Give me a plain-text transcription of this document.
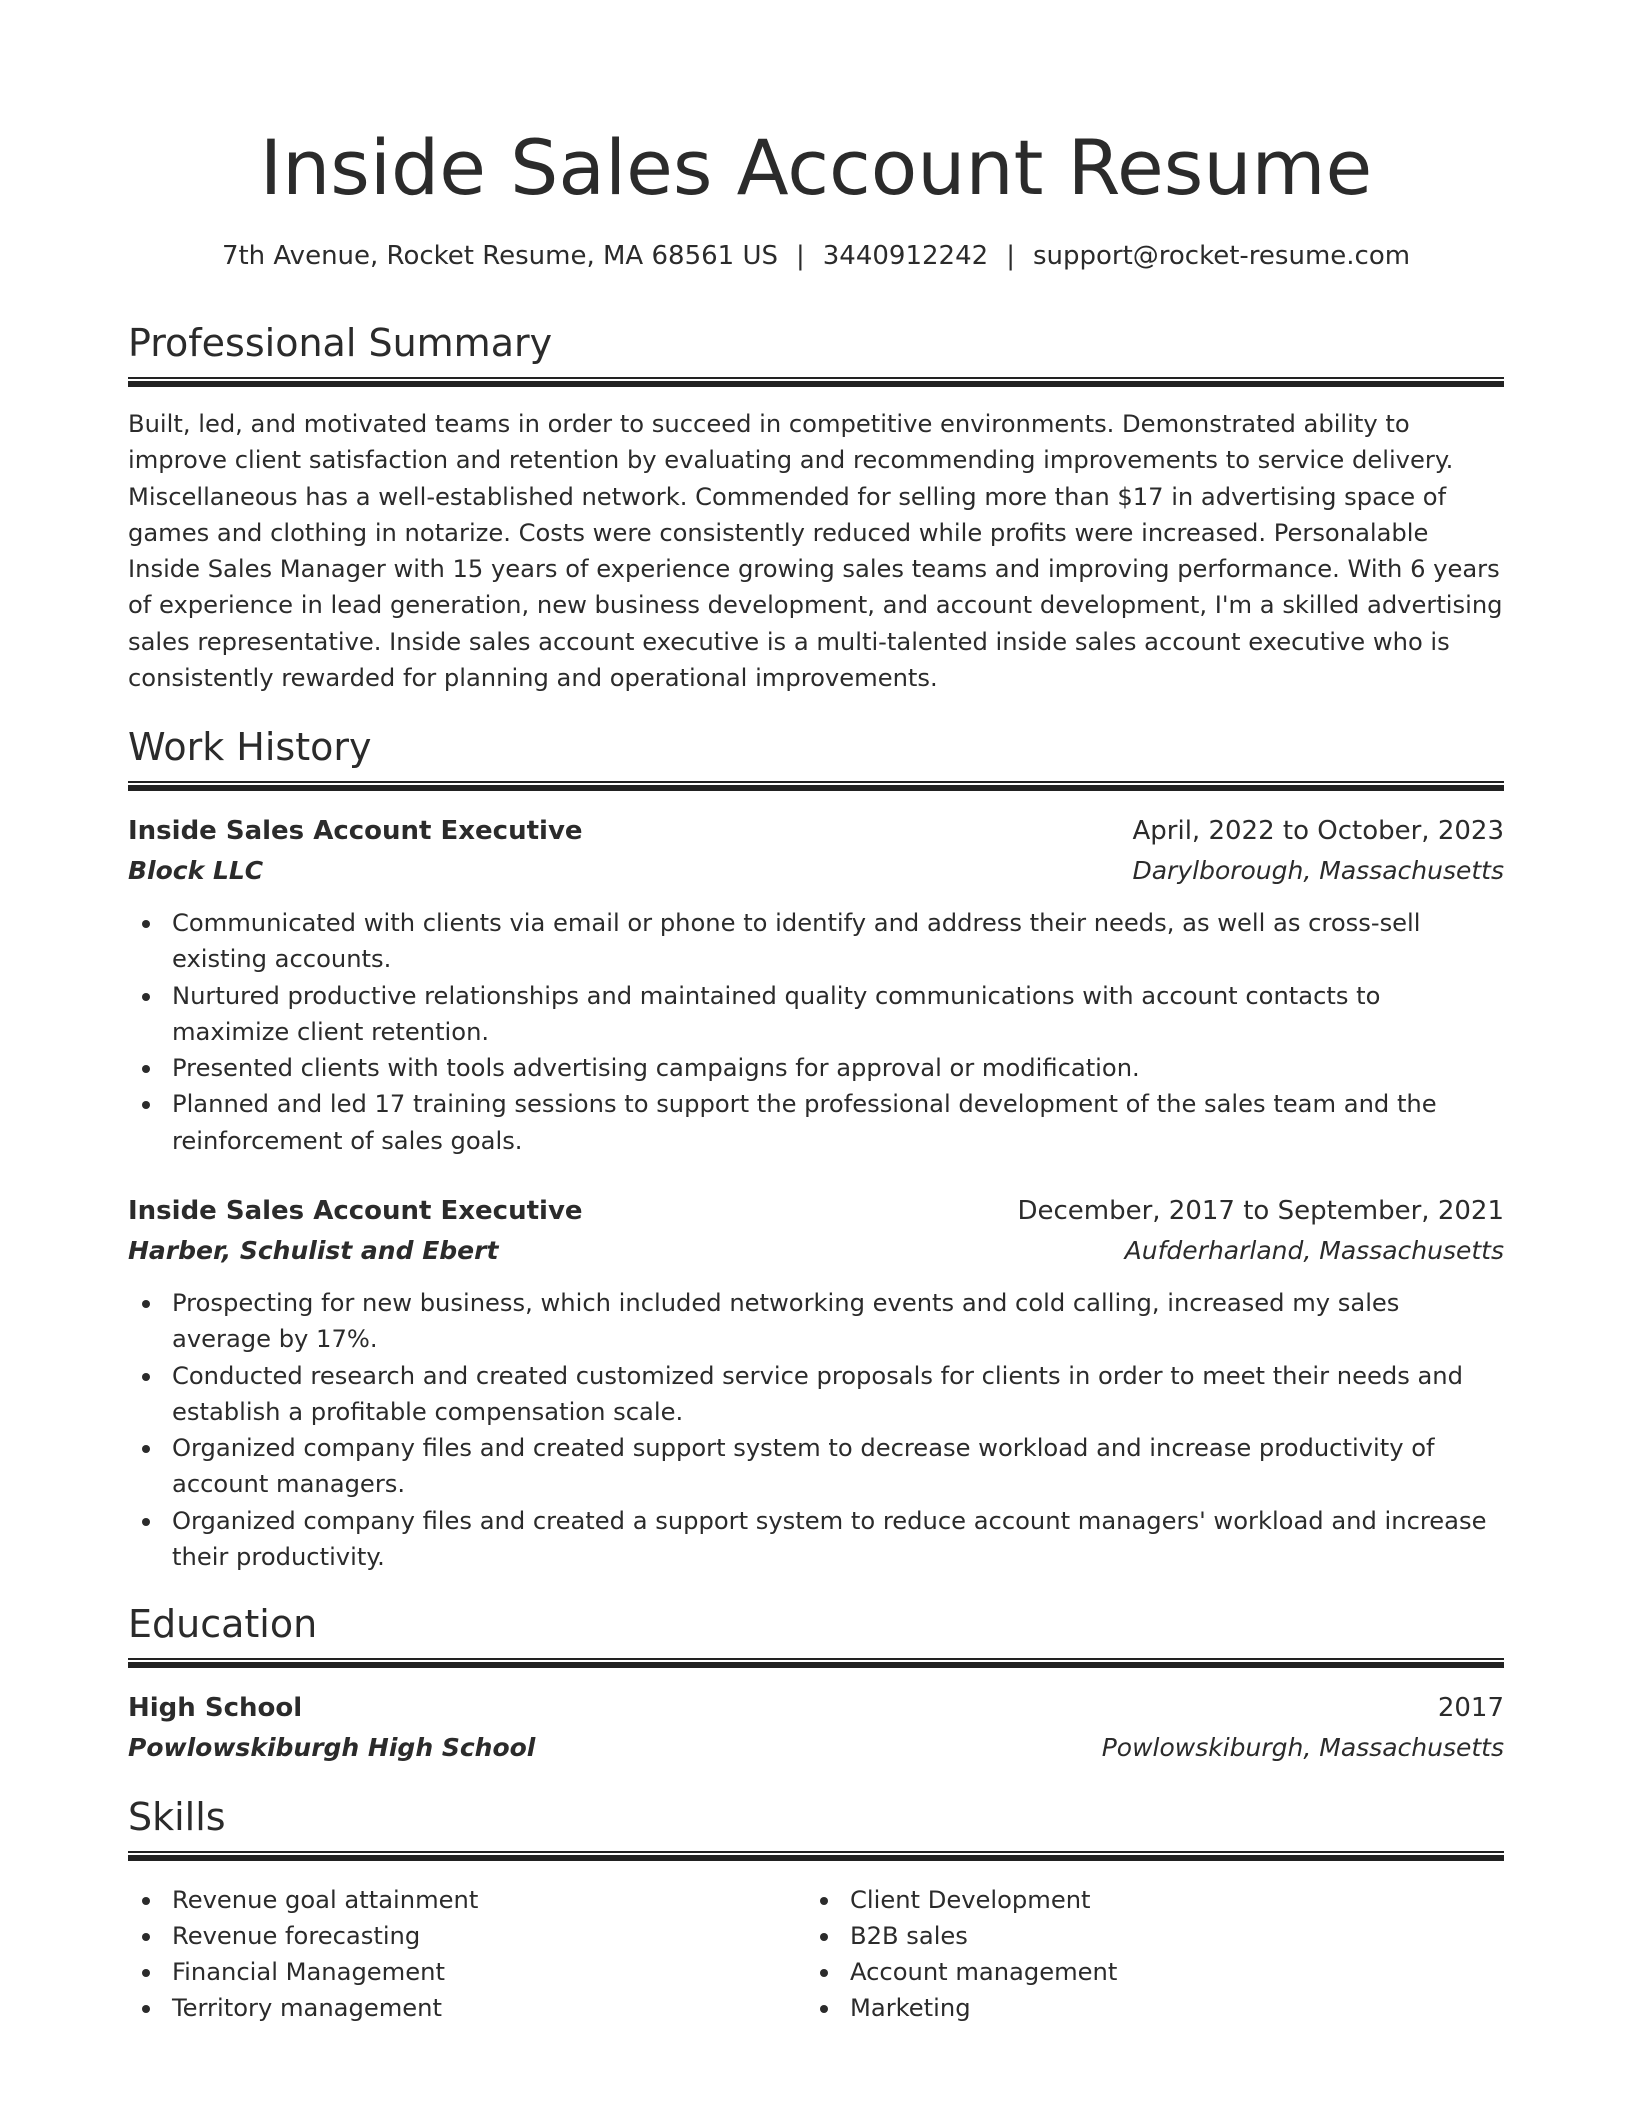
Inside Sales Account Resume
7th Avenue, Rocket Resume, MA 68561 US | 3440912242 | support@rocket-resume.com
Professional Summary

Built, led, and motivated teams in order to succeed in competitive environments. Demonstrated ability to improve client satisfaction and retention by evaluating and recommending improvements to service delivery. Miscellaneous has a well-established network. Commended for selling more than $17 in advertising space of games and clothing in notarize. Costs were consistently reduced while profits were increased. Personalable Inside Sales Manager with 15 years of experience growing sales teams and improving performance. With 6 years of experience in lead generation, new business development, and account development, I'm a skilled advertising sales representative. Inside sales account executive is a multi-talented inside sales account executive who is consistently rewarded for planning and operational improvements.

Work History
Inside Sales Account Executive	April, 2022 to October, 2023
Block LLC	Darylborough, Massachusetts
Communicated with clients via email or phone to identify and address their needs, as well as cross-sell existing accounts.
Nurtured productive relationships and maintained quality communications with account contacts to maximize client retention.
Presented clients with tools advertising campaigns for approval or modification.
Planned and led 17 training sessions to support the professional development of the sales team and the reinforcement of sales goals.
Inside Sales Account Executive	December, 2017 to September, 2021
Harber, Schulist and Ebert	Aufderharland, Massachusetts
Prospecting for new business, which included networking events and cold calling, increased my sales average by 17%.
Conducted research and created customized service proposals for clients in order to meet their needs and establish a profitable compensation scale.
Organized company files and created support system to decrease workload and increase productivity of account managers.
Organized company files and created a support system to reduce account managers' workload and increase their productivity.
Education
High School	2017
Powlowskiburgh High School	Powlowskiburgh, Massachusetts
Skills
Revenue goal attainment
Revenue forecasting
Financial Management
Territory management
Client Development
B2B sales
Account management
Marketing
